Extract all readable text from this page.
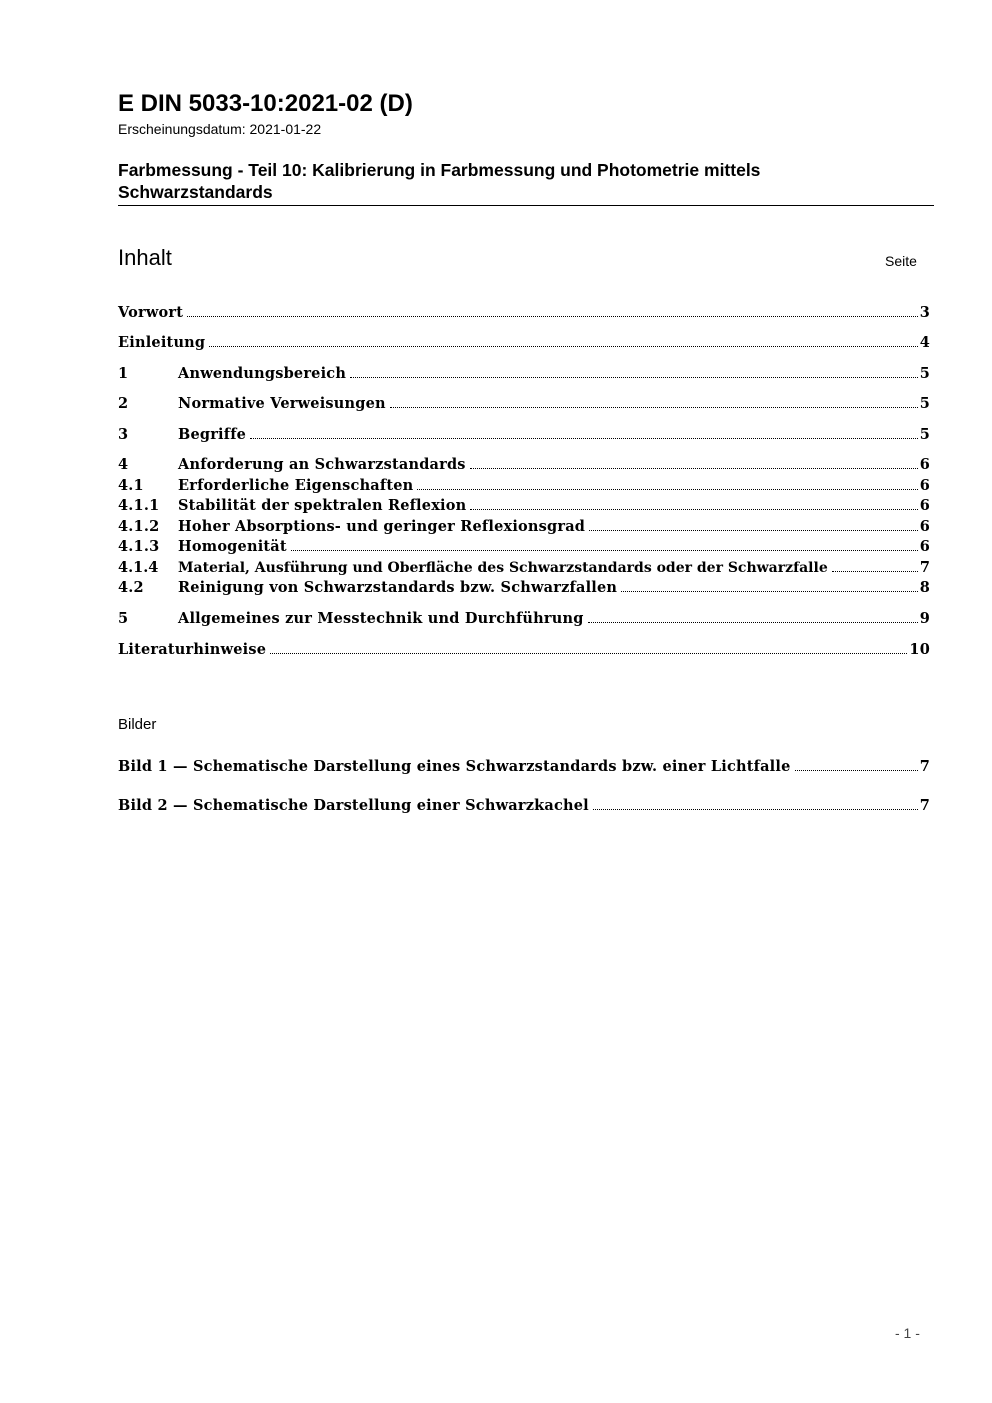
E DIN 5033-10:2021-02 (D)
Erscheinungsdatum: 2021-01-22
Farbmessung - Teil 10: Kalibrierung in Farbmessung und Photometrie mittels Schwarzstandards
Inhalt	Seite
Vorwort	3
Einleitung	4
1	Anwendungsbereich	5
2	Normative Verweisungen	5
3	Begriffe	5
4	Anforderung an Schwarzstandards	6
4.1	Erforderliche Eigenschaften	6
4.1.1	Stabilität der spektralen Reflexion	6
4.1.2	Hoher Absorptions- und geringer Reflexionsgrad	6
4.1.3	Homogenität	6
4.1.4	Material, Ausführung und Oberfläche des Schwarzstandards oder der Schwarzfalle	7
4.2	Reinigung von Schwarzstandards bzw. Schwarzfallen	8
5	Allgemeines zur Messtechnik und Durchführung	9
Literaturhinweise	10
Bilder
Bild 1 — Schematische Darstellung eines Schwarzstandards bzw. einer Lichtfalle	7
Bild 2 — Schematische Darstellung einer Schwarzkachel	7
- 1 -
